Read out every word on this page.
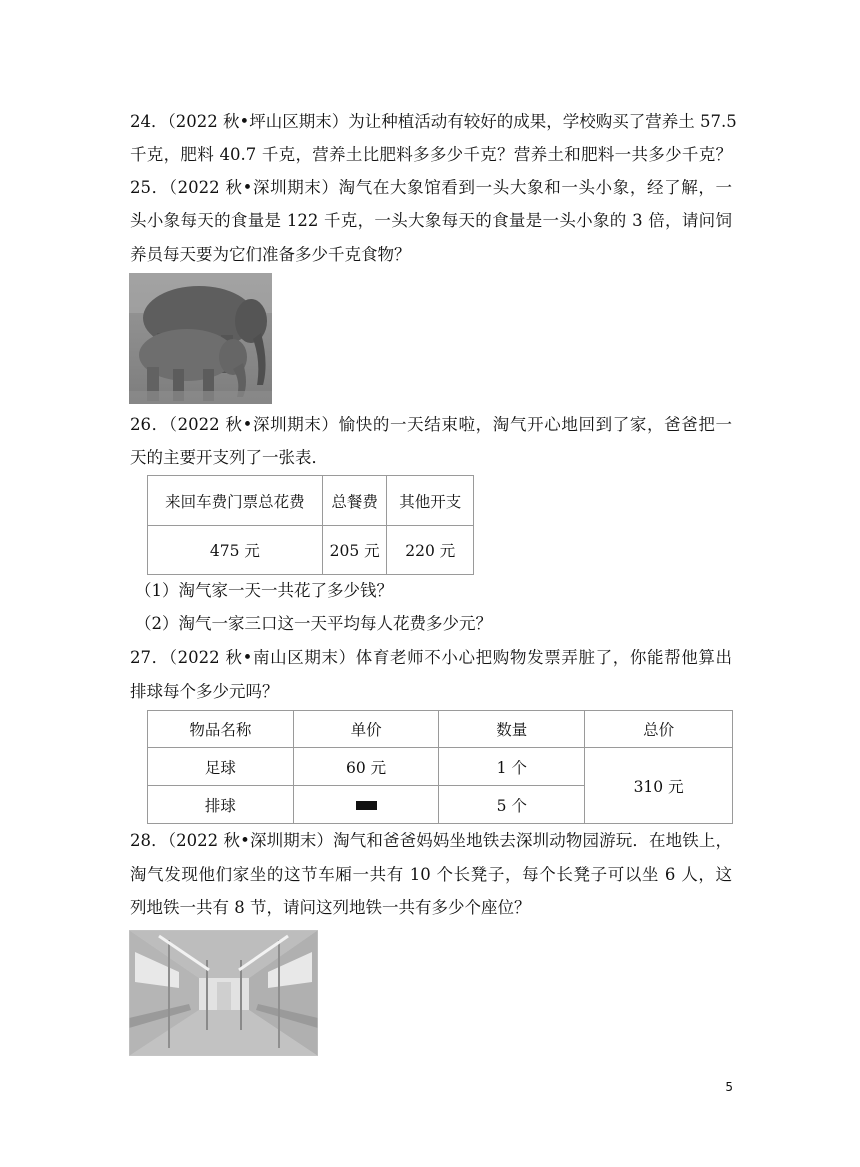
24．（2022 秋•坪山区期末）为让种植活动有较好的成果，学校购买了营养土 57.5
千克，肥料 40.7 千克，营养土比肥料多多少千克？营养土和肥料一共多少千克？
25．（2022 秋•深圳期末）淘气在大象馆看到一头大象和一头小象，经了解，一
头小象每天的食量是 122 千克，一头大象每天的食量是一头小象的 3 倍，请问饲
养员每天要为它们准备多少千克食物？
26．（2022 秋•深圳期末）愉快的一天结束啦，淘气开心地回到了家，爸爸把一
天的主要开支列了一张表．
来回车费门票总花费	总餐费	其他开支
475 元	205 元	220 元
（1）淘气家一天一共花了多少钱？
（2）淘气一家三口这一天平均每人花费多少元？
27．（2022 秋•南山区期末）体育老师不小心把购物发票弄脏了，你能帮他算出
排球每个多少元吗？
物品名称	单价	数量	总价
足球	60 元	1 个	310 元
排球		5 个	
28．（2022 秋•深圳期末）淘气和爸爸妈妈坐地铁去深圳动物园游玩．在地铁上，
淘气发现他们家坐的这节车厢一共有 10 个长凳子，每个长凳子可以坐 6 人，这
列地铁一共有 8 节，请问这列地铁一共有多少个座位？
5
